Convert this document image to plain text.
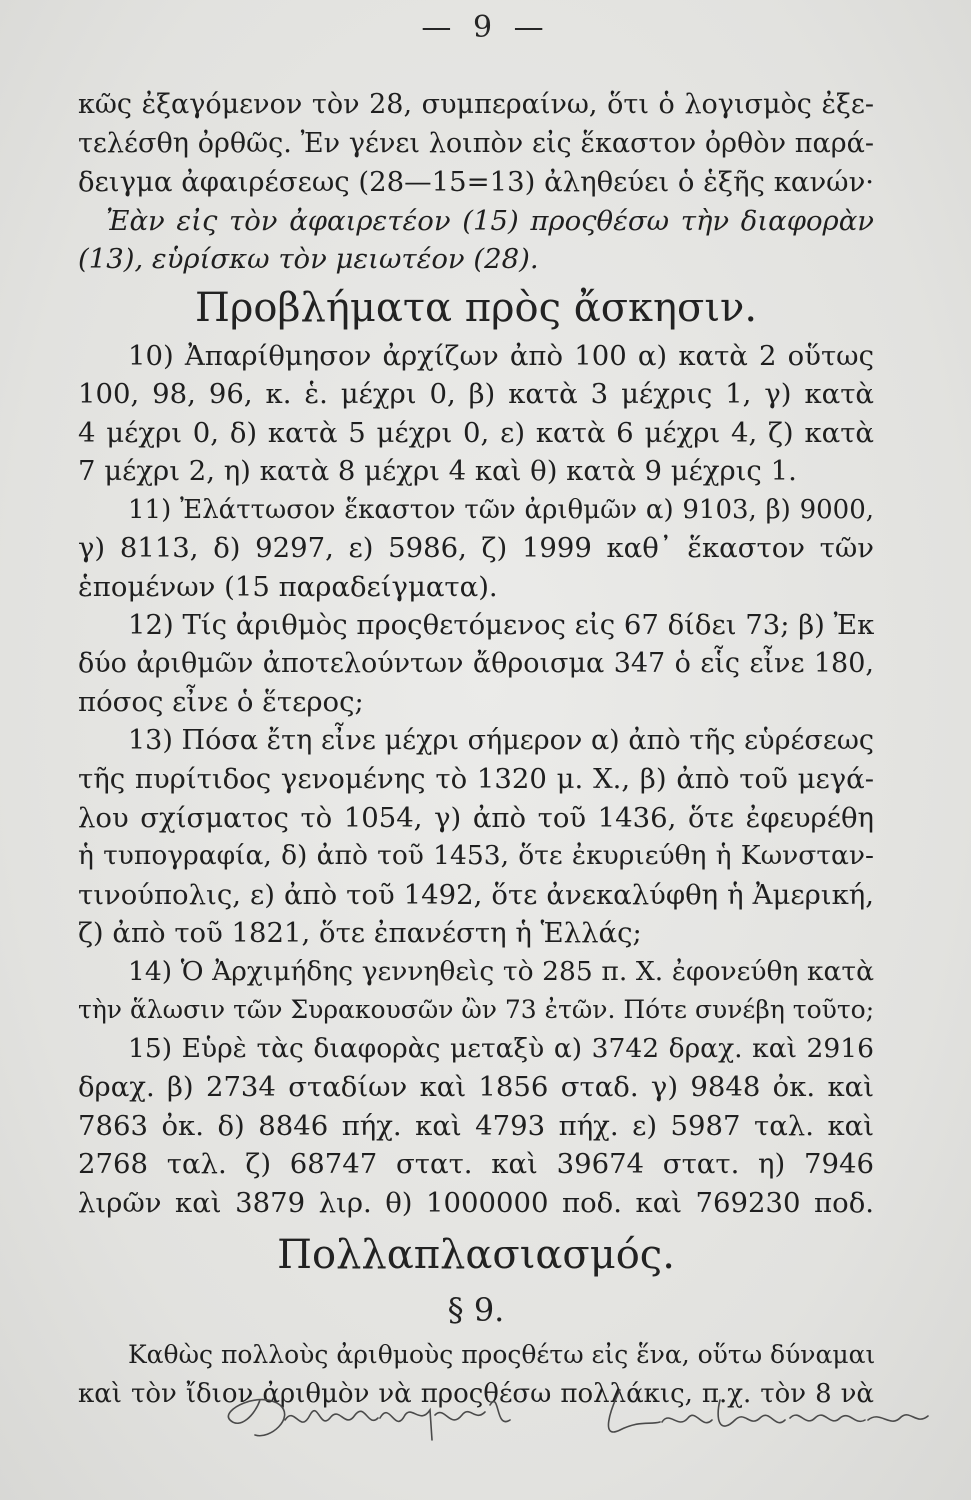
— 9 —
κῶς ἐξαγόμενον τὸν 28, συμπεραίνω, ὅτι ὁ λογισμὸς ἐξε-
τελέσθη ὀρθῶς. Ἐν γένει λοιπὸν εἰς ἕκαστον ὀρθὸν παρά-
δειγμα ἀφαιρέσεως (28—15=13) ἀληθεύει ὁ ἑξῆς κανών·
Ἐὰν εἰς τὸν ἀφαιρετέον (15) προςθέσω τὴν διαφορὰν
(13), εὑρίσκω τὸν μειωτέον (28).
Προβλήματα πρὸς ἄσκησιν.
10) Ἀπαρίθμησον ἀρχίζων ἀπὸ 100 α) κατὰ 2 οὕτως
100, 98, 96, κ. ἑ. μέχρι 0, β) κατὰ 3 μέχρις 1, γ) κατὰ
4 μέχρι 0, δ) κατὰ 5 μέχρι 0, ε) κατὰ 6 μέχρι 4, ζ) κατὰ
7 μέχρι 2, η) κατὰ 8 μέχρι 4 καὶ θ) κατὰ 9 μέχρις 1.
11) Ἐλάττωσον ἕκαστον τῶν ἀριθμῶν α) 9103, β) 9000,
γ) 8113, δ) 9297, ε) 5986, ζ) 1999 καθ᾽ ἕκαστον τῶν
ἑπομένων (15 παραδείγματα).
12) Τίς ἀριθμὸς προςθετόμενος εἰς 67 δίδει 73; β) Ἐκ
δύο ἀριθμῶν ἀποτελούντων ἄθροισμα 347 ὁ εἷς εἶνε 180,
πόσος εἶνε ὁ ἕτερος;
13) Πόσα ἔτη εἶνε μέχρι σήμερον α) ἀπὸ τῆς εὑρέσεως
τῆς πυρίτιδος γενομένης τὸ 1320 μ. Χ., β) ἀπὸ τοῦ μεγά-
λου σχίσματος τὸ 1054, γ) ἀπὸ τοῦ 1436, ὅτε ἐφευρέθη
ἡ τυπογραφία, δ) ἀπὸ τοῦ 1453, ὅτε ἐκυριεύθη ἡ Κωνσταν-
τινούπολις, ε) ἀπὸ τοῦ 1492, ὅτε ἀνεκαλύφθη ἡ Ἀμερική,
ζ) ἀπὸ τοῦ 1821, ὅτε ἐπανέστη ἡ Ἑλλάς;
14) Ὁ Ἀρχιμήδης γεννηθεὶς τὸ 285 π. Χ. ἐφονεύθη κατὰ
τὴν ἅλωσιν τῶν Συρακουσῶν ὢν 73 ἐτῶν. Πότε συνέβη τοῦτο;
15) Εὑρὲ τὰς διαφορὰς μεταξὺ α) 3742 δραχ. καὶ 2916
δραχ. β) 2734 σταδίων καὶ 1856 σταδ. γ) 9848 ὀκ. καὶ
7863 ὀκ. δ) 8846 πήχ. καὶ 4793 πήχ. ε) 5987 ταλ. καὶ
2768 ταλ. ζ) 68747 στατ. καὶ 39674 στατ. η) 7946
λιρῶν καὶ 3879 λιρ. θ) 1000000 ποδ. καὶ 769230 ποδ.
Πολλαπλασιασμός.
§ 9.
Καθὼς πολλοὺς ἀριθμοὺς προςθέτω εἰς ἕνα, οὕτω δύναμαι
καὶ τὸν ἴδιον ἀριθμὸν νὰ προςθέσω πολλάκις, π.χ. τὸν 8 νὰ
